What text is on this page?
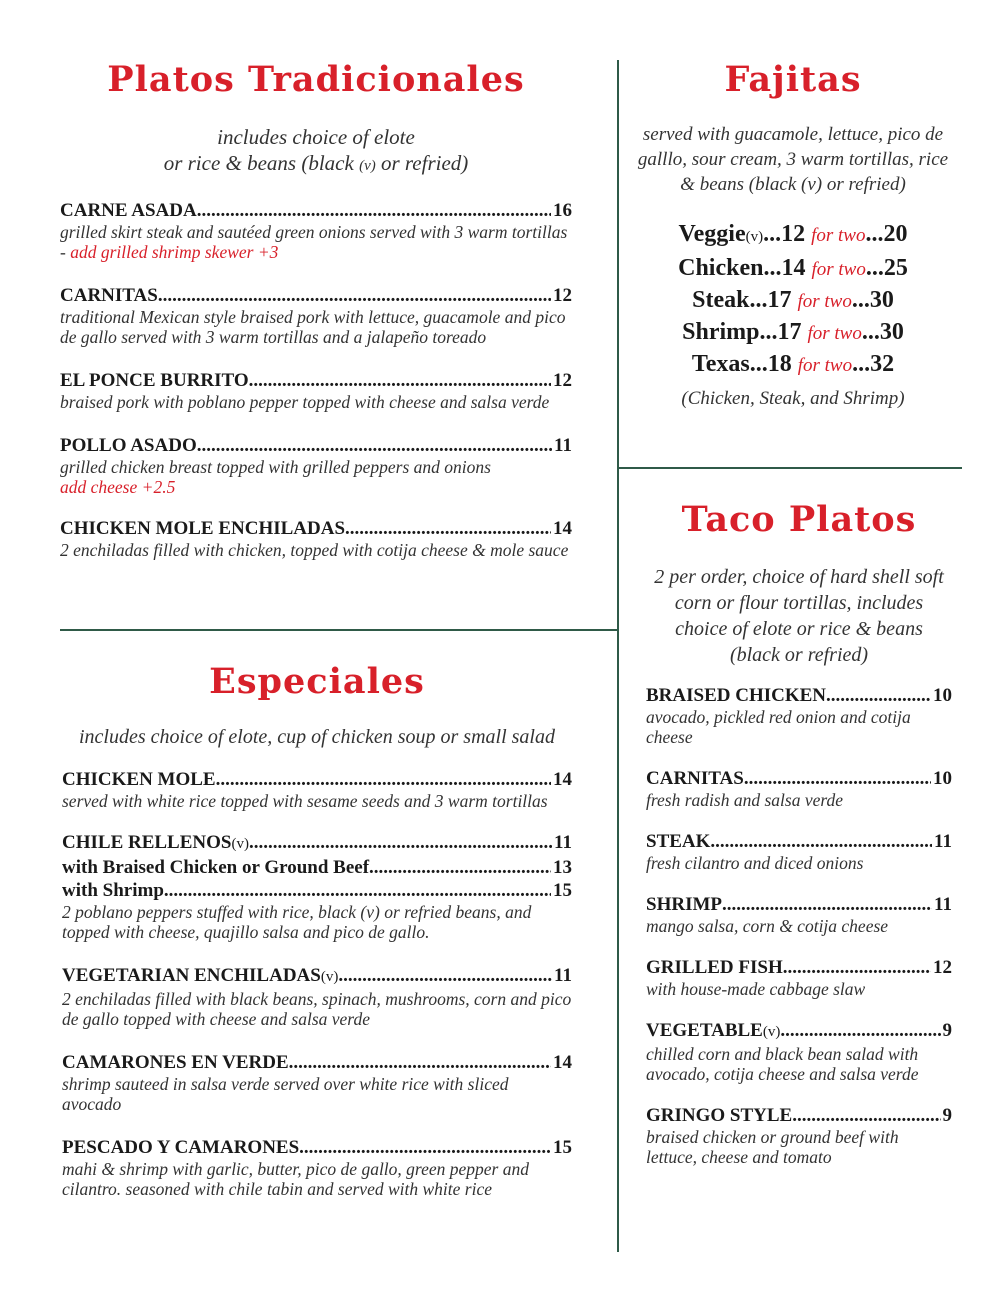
Platos Tradicionales

includes choice of elote
or rice & beans (black (v) or refried)

CARNE ASADA .....	16
grilled skirt steak and sautéed green onions served with 3 warm tortillas - add grilled shrimp skewer +3
CARNITAS .....	12
traditional Mexican style braised pork with lettuce, guacamole and pico de gallo served with 3 warm tortillas and a jalapeño toreado
EL PONCE BURRITO .....	12
braised pork with poblano pepper topped with cheese and salsa verde
POLLO ASADO .....	11
grilled chicken breast topped with grilled peppers and onions
add cheese +2.5
CHICKEN MOLE ENCHILADAS .....	14
2 enchiladas filled with chicken, topped with cotija cheese & mole sauce
Fajitas

served with guacamole, lettuce, pico de galllo, sour cream, 3 warm tortillas, rice & beans (black (v) or refried)

Veggie(v)...12 for two...20
Chicken...14 for two...25
Steak...17 for two...30
Shrimp...17 for two...30
Texas...18 for two...32

(Chicken, Steak, and Shrimp)

Taco Platos

2 per order, choice of hard shell soft corn or flour tortillas, includes choice of elote or rice & beans (black or refried)

BRAISED CHICKEN .....	10
avocado, pickled red onion and cotija cheese
CARNITAS .....	10
fresh radish and salsa verde
STEAK .....	11
fresh cilantro and diced onions
SHRIMP .....	11
mango salsa, corn & cotija cheese
GRILLED FISH .....	12
with house-made cabbage slaw
VEGETABLE (v) .....	9
chilled corn and black bean salad with avocado, cotija cheese and salsa verde
GRINGO STYLE .....	9
braised chicken or ground beef with lettuce, cheese and tomato
Especiales

includes choice of elote, cup of chicken soup or small salad

CHICKEN MOLE .....	14
served with white rice topped with sesame seeds and 3 warm tortillas
CHILE RELLENOS (v) .....	11
with Braised Chicken or Ground Beef .....	13
with Shrimp .....	15
2 poblano peppers stuffed with rice, black (v) or refried beans, and topped with cheese, quajillo salsa and pico de gallo.
VEGETARIAN ENCHILADAS (v) .....	11
2 enchiladas filled with black beans, spinach, mushrooms, corn and pico de gallo topped with cheese and salsa verde
CAMARONES EN VERDE .....	14
shrimp sauteed in salsa verde served over white rice with sliced avocado
PESCADO Y CAMARONES .....	15
mahi & shrimp with garlic, butter, pico de gallo, green pepper and cilantro. seasoned with chile tabin and served with white rice
